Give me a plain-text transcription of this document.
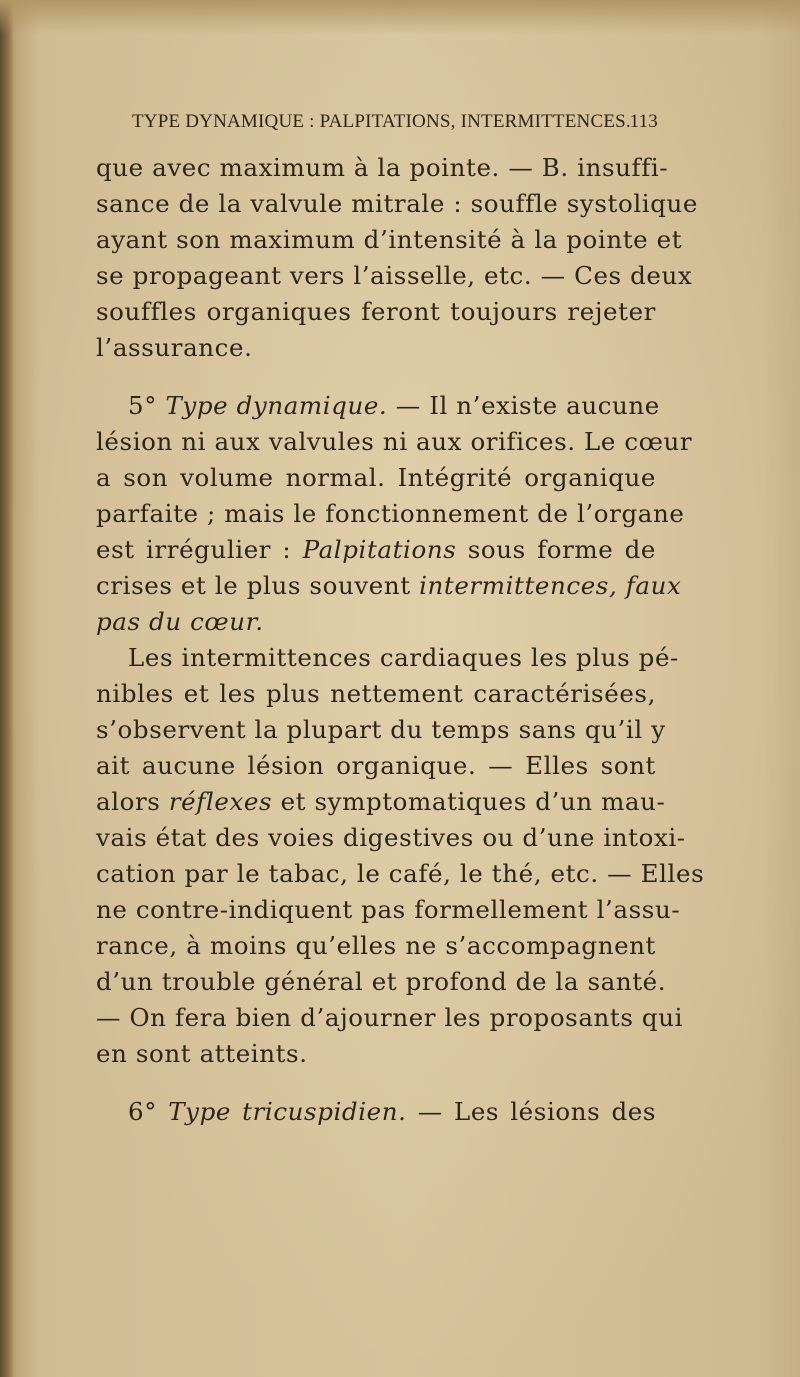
TYPE DYNAMIQUE : PALPITATIONS, INTERMITTENCES.
113
que avec maximum à la pointe. — B. insuffi-
sance de la valvule mitrale : souffle systolique
ayant son maximum d’intensité à la pointe et
se propageant vers l’aisselle, etc. — Ces deux
souffles organiques feront toujours rejeter
l’assurance.
5° Type dynamique. — Il n’existe aucune
lésion ni aux valvules ni aux orifices. Le cœur
a son volume normal. Intégrité organique
parfaite ; mais le fonctionnement de l’organe
est irrégulier : Palpitations sous forme de
crises et le plus souvent intermittences, faux
pas du cœur.
Les intermittences cardiaques les plus pé-
nibles et les plus nettement caractérisées,
s’observent la plupart du temps sans qu’il y
ait aucune lésion organique. — Elles sont
alors réflexes et symptomatiques d’un mau-
vais état des voies digestives ou d’une intoxi-
cation par le tabac, le café, le thé, etc. — Elles
ne contre-indiquent pas formellement l’assu-
rance, à moins qu’elles ne s’accompagnent
d’un trouble général et profond de la santé.
— On fera bien d’ajourner les proposants qui
en sont atteints.
6° Type tricuspidien. — Les lésions des
